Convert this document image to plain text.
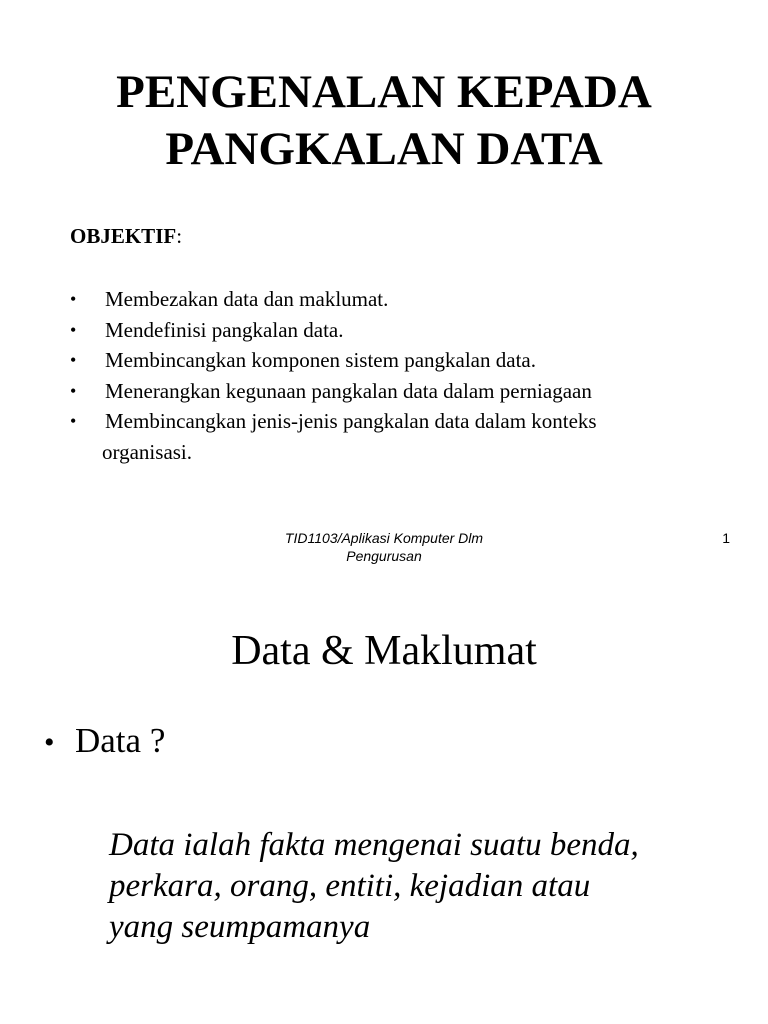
PENGENALAN KEPADA
PANGKALAN DATA
OBJEKTIF:
• Membezakan data dan maklumat.
• Mendefinisi pangkalan data.
• Membincangkan komponen sistem pangkalan data.
• Menerangkan kegunaan pangkalan data dalam perniagaan
• Membincangkan jenis-jenis pangkalan data dalam konteks
organisasi.
TID1103/Aplikasi Komputer Dlm
Pengurusan
1
Data & Maklumat
• Data ?
Data ialah fakta mengenai suatu benda,
perkara, orang, entiti, kejadian atau
yang seumpamanya
